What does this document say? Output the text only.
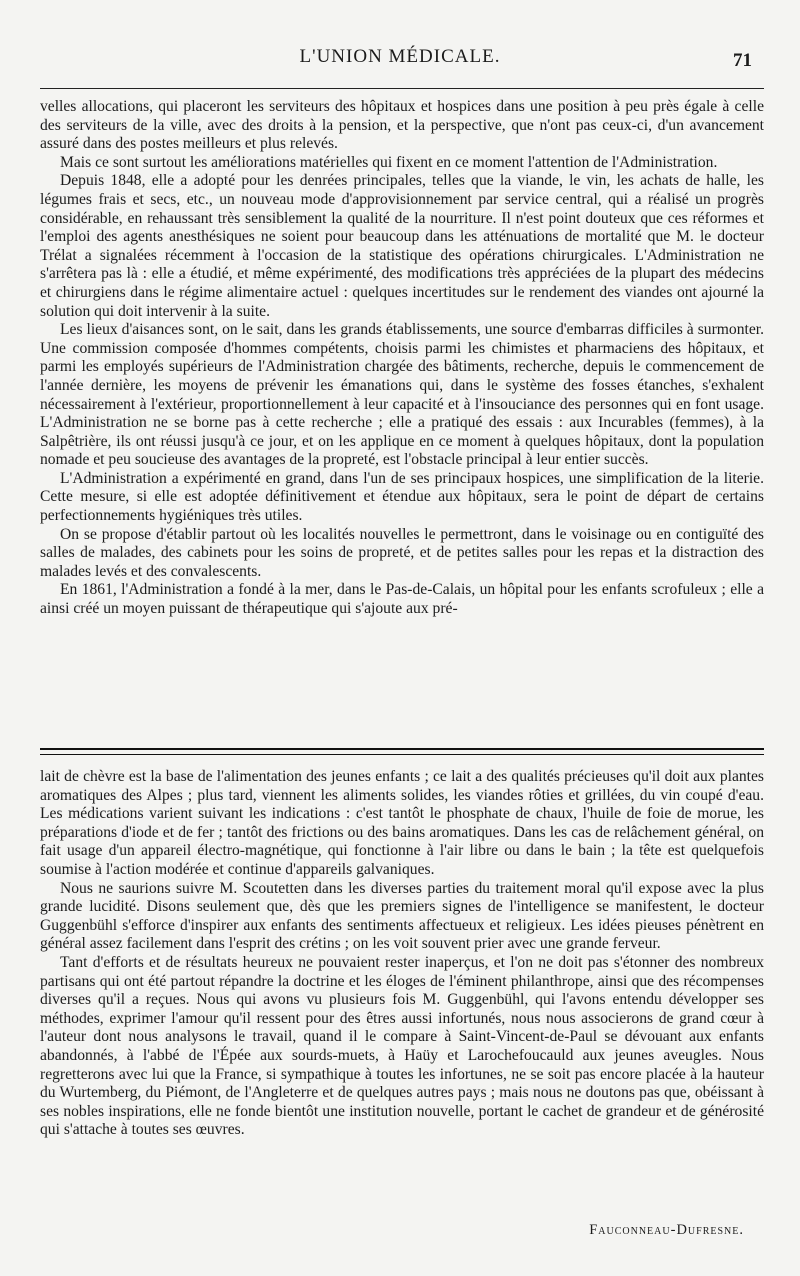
L'UNION MÉDICALE.	71

velles allocations, qui placeront les serviteurs des hôpitaux et hospices dans une position à peu près égale à celle des serviteurs de la ville, avec des droits à la pension, et la perspective, que n'ont pas ceux-ci, d'un avancement assuré dans des postes meilleurs et plus relevés.

Mais ce sont surtout les améliorations matérielles qui fixent en ce moment l'attention de l'Administration.

Depuis 1848, elle a adopté pour les denrées principales, telles que la viande, le vin, les achats de halle, les légumes frais et secs, etc., un nouveau mode d'approvisionnement par service central, qui a réalisé un progrès considérable, en rehaussant très sensiblement la qualité de la nourriture. Il n'est point douteux que ces réformes et l'emploi des agents anesthésiques ne soient pour beaucoup dans les atténuations de mortalité que M. le docteur Trélat a signalées récemment à l'occasion de la statistique des opérations chirurgicales. L'Administration ne s'arrêtera pas là : elle a étudié, et même expérimenté, des modifications très appréciées de la plupart des médecins et chirurgiens dans le régime alimentaire actuel : quelques incertitudes sur le rendement des viandes ont ajourné la solution qui doit intervenir à la suite.

Les lieux d'aisances sont, on le sait, dans les grands établissements, une source d'embarras difficiles à surmonter. Une commission composée d'hommes compétents, choisis parmi les chimistes et pharmaciens des hôpitaux, et parmi les employés supérieurs de l'Administration chargée des bâtiments, recherche, depuis le commencement de l'année dernière, les moyens de prévenir les émanations qui, dans le système des fosses étanches, s'exhalent nécessairement à l'extérieur, proportionnellement à leur capacité et à l'insouciance des personnes qui en font usage. L'Administration ne se borne pas à cette recherche ; elle a pratiqué des essais : aux Incurables (femmes), à la Salpêtrière, ils ont réussi jusqu'à ce jour, et on les applique en ce moment à quelques hôpitaux, dont la population nomade et peu soucieuse des avantages de la propreté, est l'obstacle principal à leur entier succès.

L'Administration a expérimenté en grand, dans l'un de ses principaux hospices, une simplification de la literie. Cette mesure, si elle est adoptée définitivement et étendue aux hôpitaux, sera le point de départ de certains perfectionnements hygiéniques très utiles.

On se propose d'établir partout où les localités nouvelles le permettront, dans le voisinage ou en contiguïté des salles de malades, des cabinets pour les soins de propreté, et de petites salles pour les repas et la distraction des malades levés et des convalescents.

En 1861, l'Administration a fondé à la mer, dans le Pas-de-Calais, un hôpital pour les enfants scrofuleux ; elle a ainsi créé un moyen puissant de thérapeutique qui s'ajoute aux pré-

lait de chèvre est la base de l'alimentation des jeunes enfants ; ce lait a des qualités précieuses qu'il doit aux plantes aromatiques des Alpes ; plus tard, viennent les aliments solides, les viandes rôties et grillées, du vin coupé d'eau. Les médications varient suivant les indications : c'est tantôt le phosphate de chaux, l'huile de foie de morue, les préparations d'iode et de fer ; tantôt des frictions ou des bains aromatiques. Dans les cas de relâchement général, on fait usage d'un appareil électro-magnétique, qui fonctionne à l'air libre ou dans le bain ; la tête est quelquefois soumise à l'action modérée et continue d'appareils galvaniques.

Nous ne saurions suivre M. Scoutetten dans les diverses parties du traitement moral qu'il expose avec la plus grande lucidité. Disons seulement que, dès que les premiers signes de l'intelligence se manifestent, le docteur Guggenbühl s'efforce d'inspirer aux enfants des sentiments affectueux et religieux. Les idées pieuses pénètrent en général assez facilement dans l'esprit des crétins ; on les voit souvent prier avec une grande ferveur.

Tant d'efforts et de résultats heureux ne pouvaient rester inaperçus, et l'on ne doit pas s'étonner des nombreux partisans qui ont été partout répandre la doctrine et les éloges de l'éminent philanthrope, ainsi que des récompenses diverses qu'il a reçues. Nous qui avons vu plusieurs fois M. Guggenbühl, qui l'avons entendu développer ses méthodes, exprimer l'amour qu'il ressent pour des êtres aussi infortunés, nous nous associerons de grand cœur à l'auteur dont nous analysons le travail, quand il le compare à Saint-Vincent-de-Paul se dévouant aux enfants abandonnés, à l'abbé de l'Épée aux sourds-muets, à Haüy et Larochefoucauld aux jeunes aveugles. Nous regretterons avec lui que la France, si sympathique à toutes les infortunes, ne se soit pas encore placée à la hauteur du Wurtemberg, du Piémont, de l'Angleterre et de quelques autres pays ; mais nous ne doutons pas que, obéissant à ses nobles inspirations, elle ne fonde bientôt une institution nouvelle, portant le cachet de grandeur et de générosité qui s'attache à toutes ses œuvres.

Fauconneau-Dufresne.
